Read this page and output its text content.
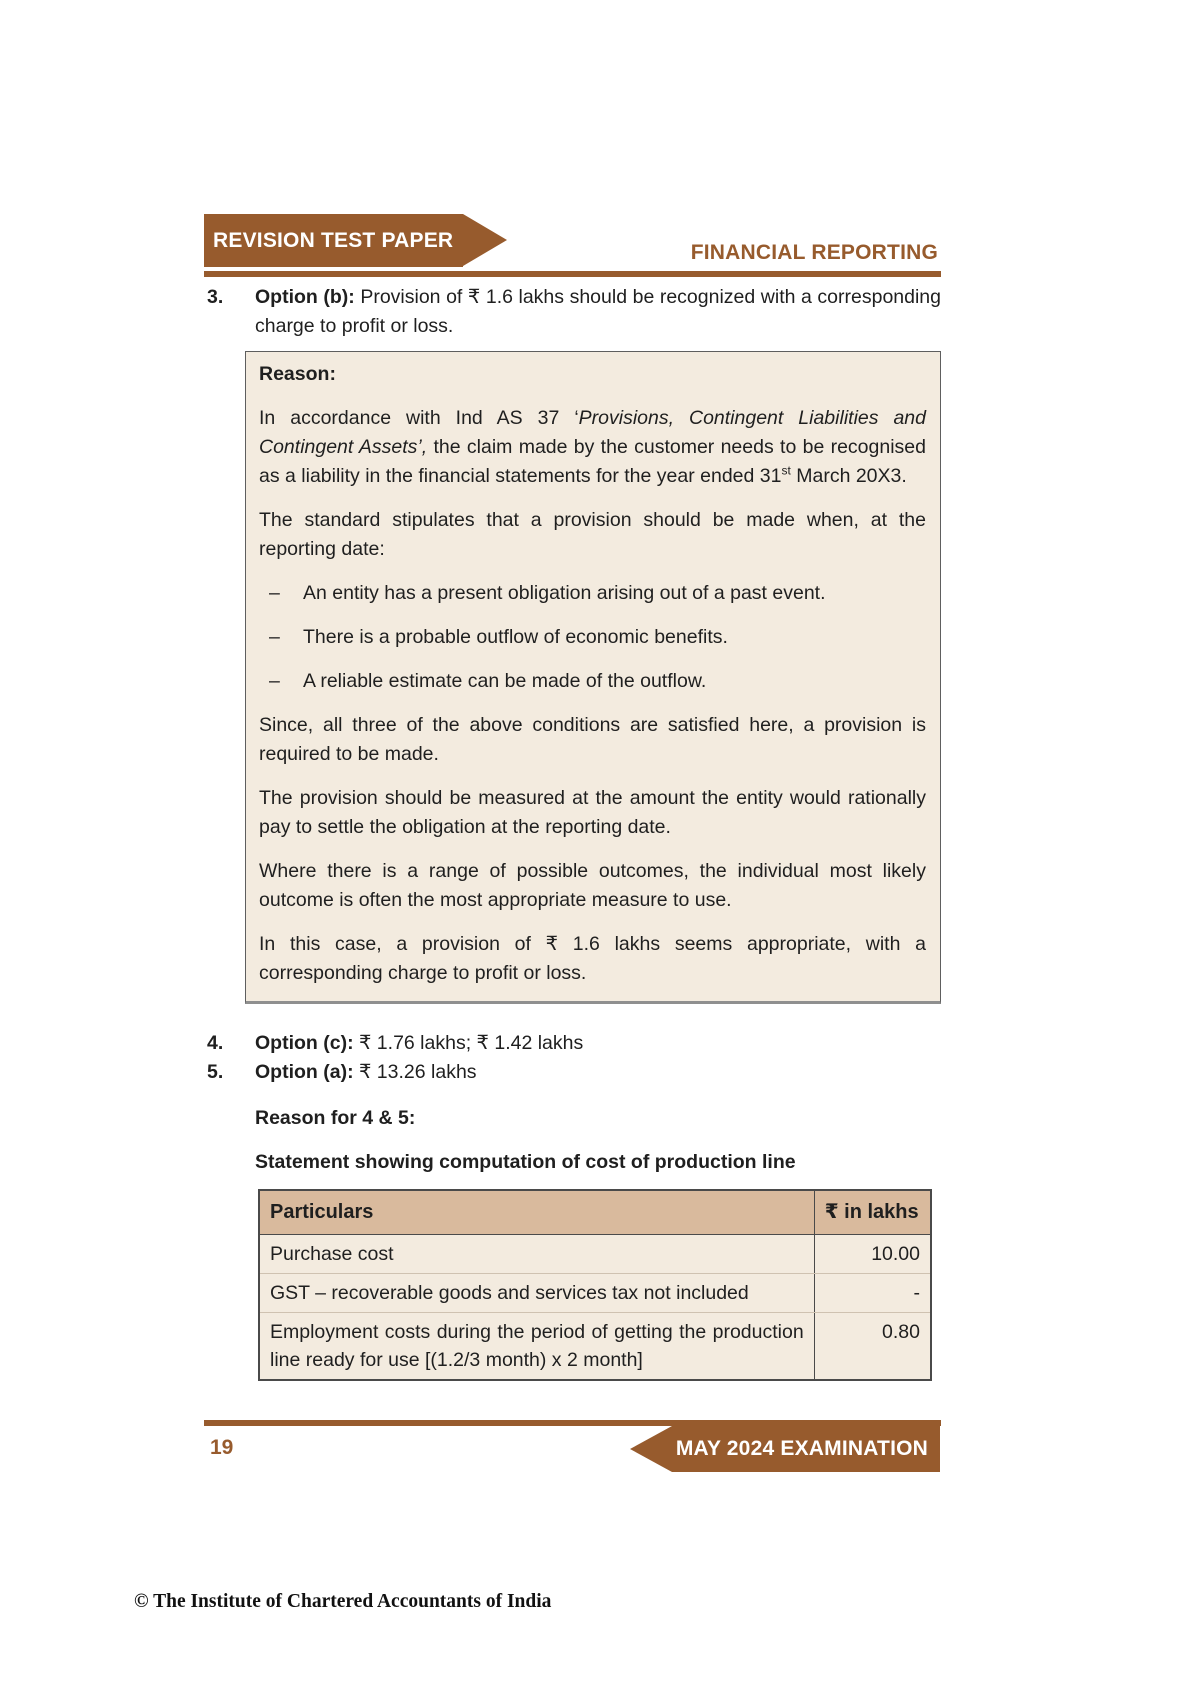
REVISION TEST PAPER
FINANCIAL REPORTING
3.	Option (b): Provision of ₹ 1.6 lakhs should be recognized with a corresponding charge to profit or loss.
Reason:

In accordance with Ind AS 37 ‘Provisions, Contingent Liabilities and Contingent Assets’, the claim made by the customer needs to be recognised as a liability in the financial statements for the year ended 31st March 20X3.

The standard stipulates that a provision should be made when, at the reporting date:

–	An entity has a present obligation arising out of a past event.
–	There is a probable outflow of economic benefits.
–	A reliable estimate can be made of the outflow.

Since, all three of the above conditions are satisfied here, a provision is required to be made.

The provision should be measured at the amount the entity would rationally pay to settle the obligation at the reporting date.

Where there is a range of possible outcomes, the individual most likely outcome is often the most appropriate measure to use.

In this case, a provision of ₹ 1.6 lakhs seems appropriate, with a corresponding charge to profit or loss.

4.	Option (c): ₹ 1.76 lakhs; ₹ 1.42 lakhs
5.	Option (a): ₹ 13.26 lakhs
Reason for 4 & 5:
Statement showing computation of cost of production line
Particulars	₹ in lakhs
Purchase cost	10.00
GST – recoverable goods and services tax not included	-
Employment costs during the period of getting the production line ready for use [(1.2/3 month) x 2 month]	0.80
19	MAY 2024 EXAMINATION
© The Institute of Chartered Accountants of India
